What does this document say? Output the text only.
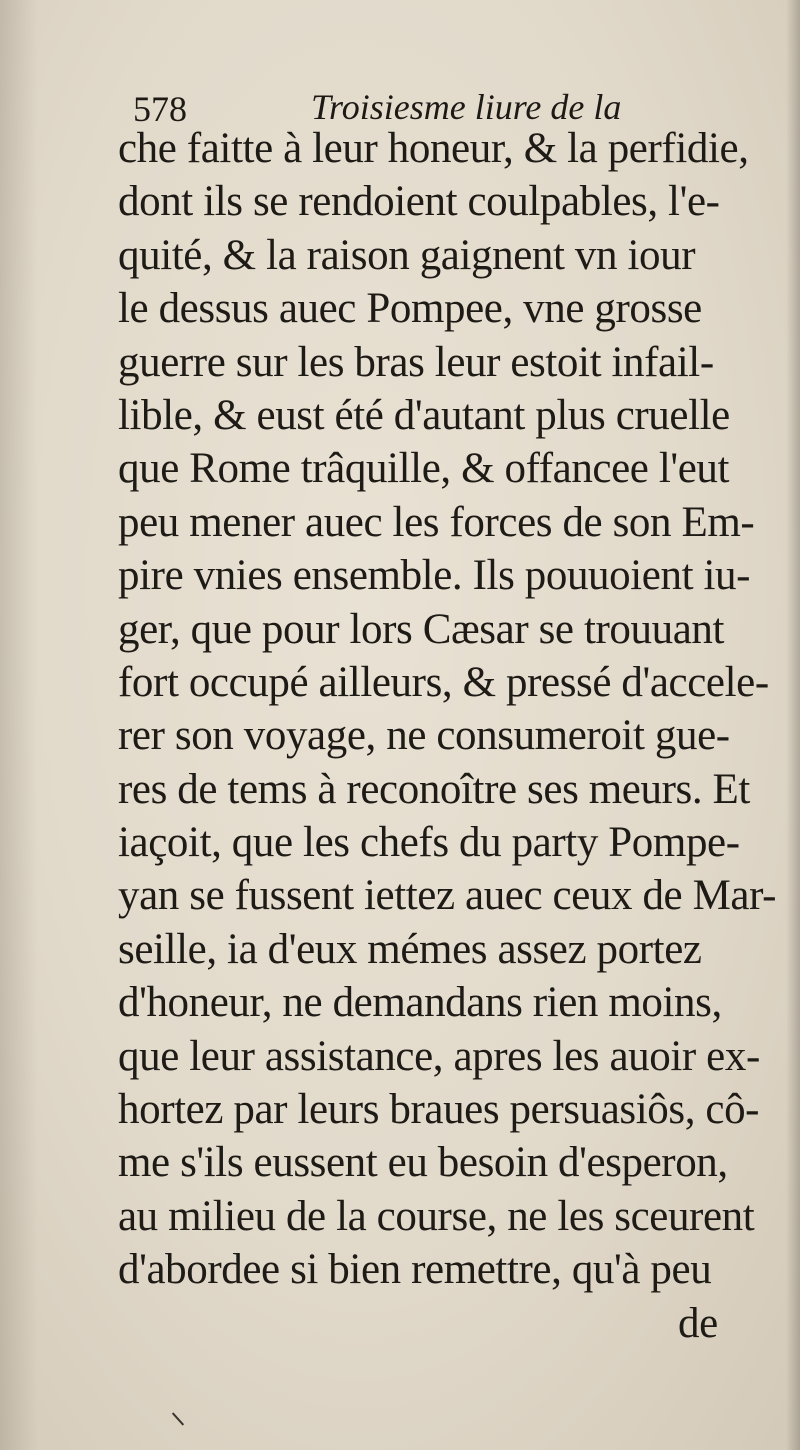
578	Troisiesme liure de la
che faitte à leur honeur, & la perfidie,
dont ils se rendoient coulpables, l'e-
quité, & la raison gaignent vn iour
le dessus auec Pompee, vne grosse
guerre sur les bras leur estoit infail-
lible, & eust été d'autant plus cruelle
que Rome trâquille, & offancee l'eut
peu mener auec les forces de son Em-
pire vnies ensemble. Ils pouuoient iu-
ger, que pour lors Cæsar se trouuant
fort occupé ailleurs, & pressé d'accele-
rer son voyage, ne consumeroit gue-
res de tems à reconoître ses meurs. Et
iaçoit, que les chefs du party Pompe-
yan se fussent iettez auec ceux de Mar-
seille, ia d'eux mémes assez portez
d'honeur, ne demandans rien moins,
que leur assistance, apres les auoir ex-
hortez par leurs braues persuasiôs, cô-
me s'ils eussent eu besoin d'esperon,
au milieu de la course, ne les sceurent
d'abordee si bien remettre, qu'à peu
de
